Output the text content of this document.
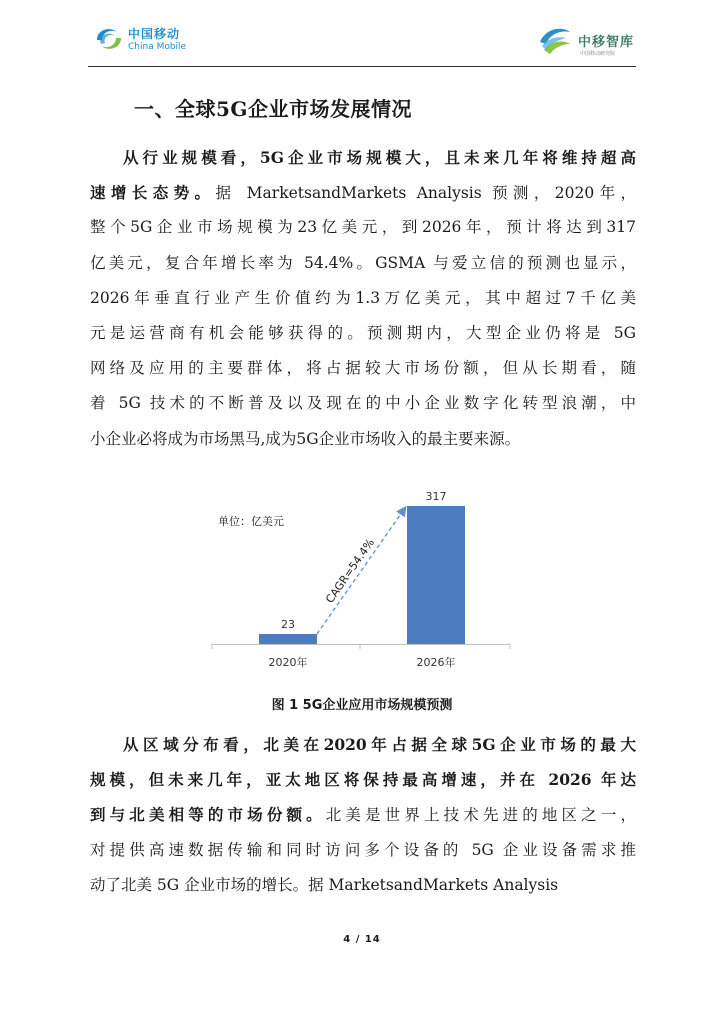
中国移动
China Mobile	中移智库
中国移动研究院
一、全球5G企业市场发展情况
从行业规模看，5G企业市场规模大，且未来几年将维持超高
速增长态势。据 MarketsandMarkets Analysis 预测，2020年，
整个5G企业市场规模为23亿美元，到2026年，预计将达到317
亿美元，复合年增长率为 54.4%。GSMA 与爱立信的预测也显示，
2026年垂直行业产生价值约为1.3万亿美元，其中超过7千亿美
元是运营商有机会能够获得的。预测期内，大型企业仍将是 5G
网络及应用的主要群体，将占据较大市场份额，但从长期看，随
着 5G 技术的不断普及以及现在的中小企业数字化转型浪潮，中
小企业必将成为市场黑马,成为5G企业市场收入的最主要来源。
单位：亿美元
23
2020年
317
2026年
CAGR=54.4%
图 1 5G企业应用市场规模预测
从区域分布看，北美在2020年占据全球5G企业市场的最大
规模，但未来几年，亚太地区将保持最高增速，并在 2026 年达
到与北美相等的市场份额。北美是世界上技术先进的地区之一，
对提供高速数据传输和同时访问多个设备的 5G 企业设备需求推
动了北美 5G 企业市场的增长。据 MarketsandMarkets Analysis
4 / 14
